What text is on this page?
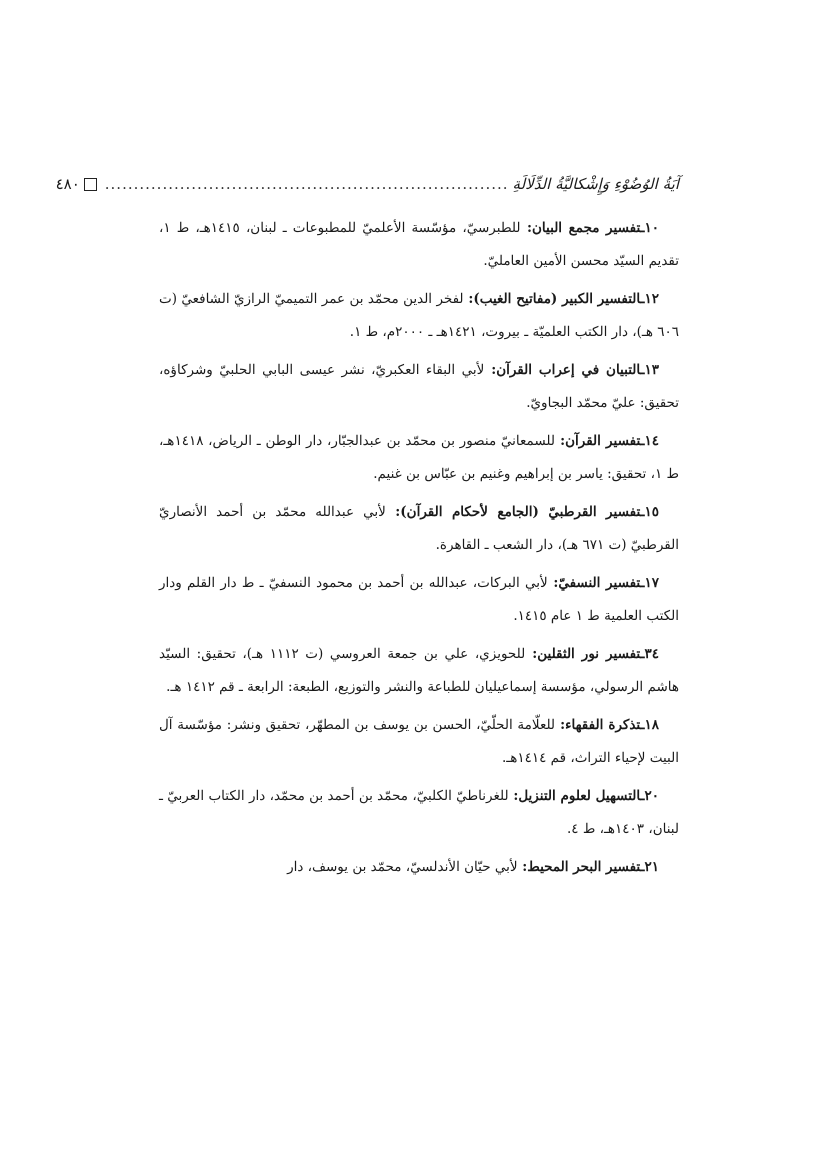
آيَةُ الوُضُوْءِ وَإِشْكاليَّةُ الدِّلَالَةِ
......................................................................
٤٨٠

١٠ـتفسير مجمع البيان: للطبرسيّ، مؤسّسة الأعلميّ للمطبوعات ـ لبنان، ١٤١٥هـ، ط ١، تقديم السيّد محسن الأمين العامليّ.

١٢ـالتفسير الكبير (مفاتيح الغيب): لفخر الدين محمّد بن عمر التميميّ الرازيّ الشافعيّ (ت ٦٠٦ هـ)، دار الكتب العلميّة ـ بيروت، ١٤٢١هـ ـ ٢٠٠٠م، ط ١.

١٣ـالتبيان في إعراب القرآن: لأبي البقاء العكبريّ، نشر عيسى البابي الحلبيّ وشركاؤه، تحقيق: عليّ محمّد البجاويّ.

١٤ـتفسير القرآن: للسمعانيّ منصور بن محمّد بن عبدالجبّار، دار الوطن ـ الرياض، ١٤١٨هـ، ط ١، تحقيق: ياسر بن إبراهيم وغنيم بن عبّاس بن غنيم.

١٥ـتفسير القرطبيّ (الجامع لأحكام القرآن): لأبي عبدالله محمّد بن أحمد الأنصاريّ القرطبيّ (ت ٦٧١ هـ)، دار الشعب ـ القاهرة.

١٧ـتفسير النسفيّ: لأبي البركات، عبدالله بن أحمد بن محمود النسفيّ ـ ط دار القلم ودار الكتب العلمية ط ١ عام ١٤١٥.

٣٤ـتفسير نور الثقلين: للحويزي، علي بن جمعة العروسي (ت ١١١٢ هـ)، تحقيق: السيّد هاشم الرسولي، مؤسسة إسماعيليان للطباعة والنشر والتوزيع، الطبعة: الرابعة ـ قم ١٤١٢ هـ.

١٨ـتذكرة الفقهاء: للعلّامة الحلّيّ، الحسن بن يوسف بن المطهّر، تحقيق ونشر: مؤسّسة آل البيت لإحياء التراث، قم ١٤١٤هـ.

٢٠ـالتسهيل لعلوم التنزيل: للغرناطيّ الكلبيّ، محمّد بن أحمد بن محمّد، دار الكتاب العربيّ ـ لبنان، ١٤٠٣هـ، ط ٤.

٢١ـتفسير البحر المحيط: لأبي حيّان الأندلسيّ، محمّد بن يوسف، دار
